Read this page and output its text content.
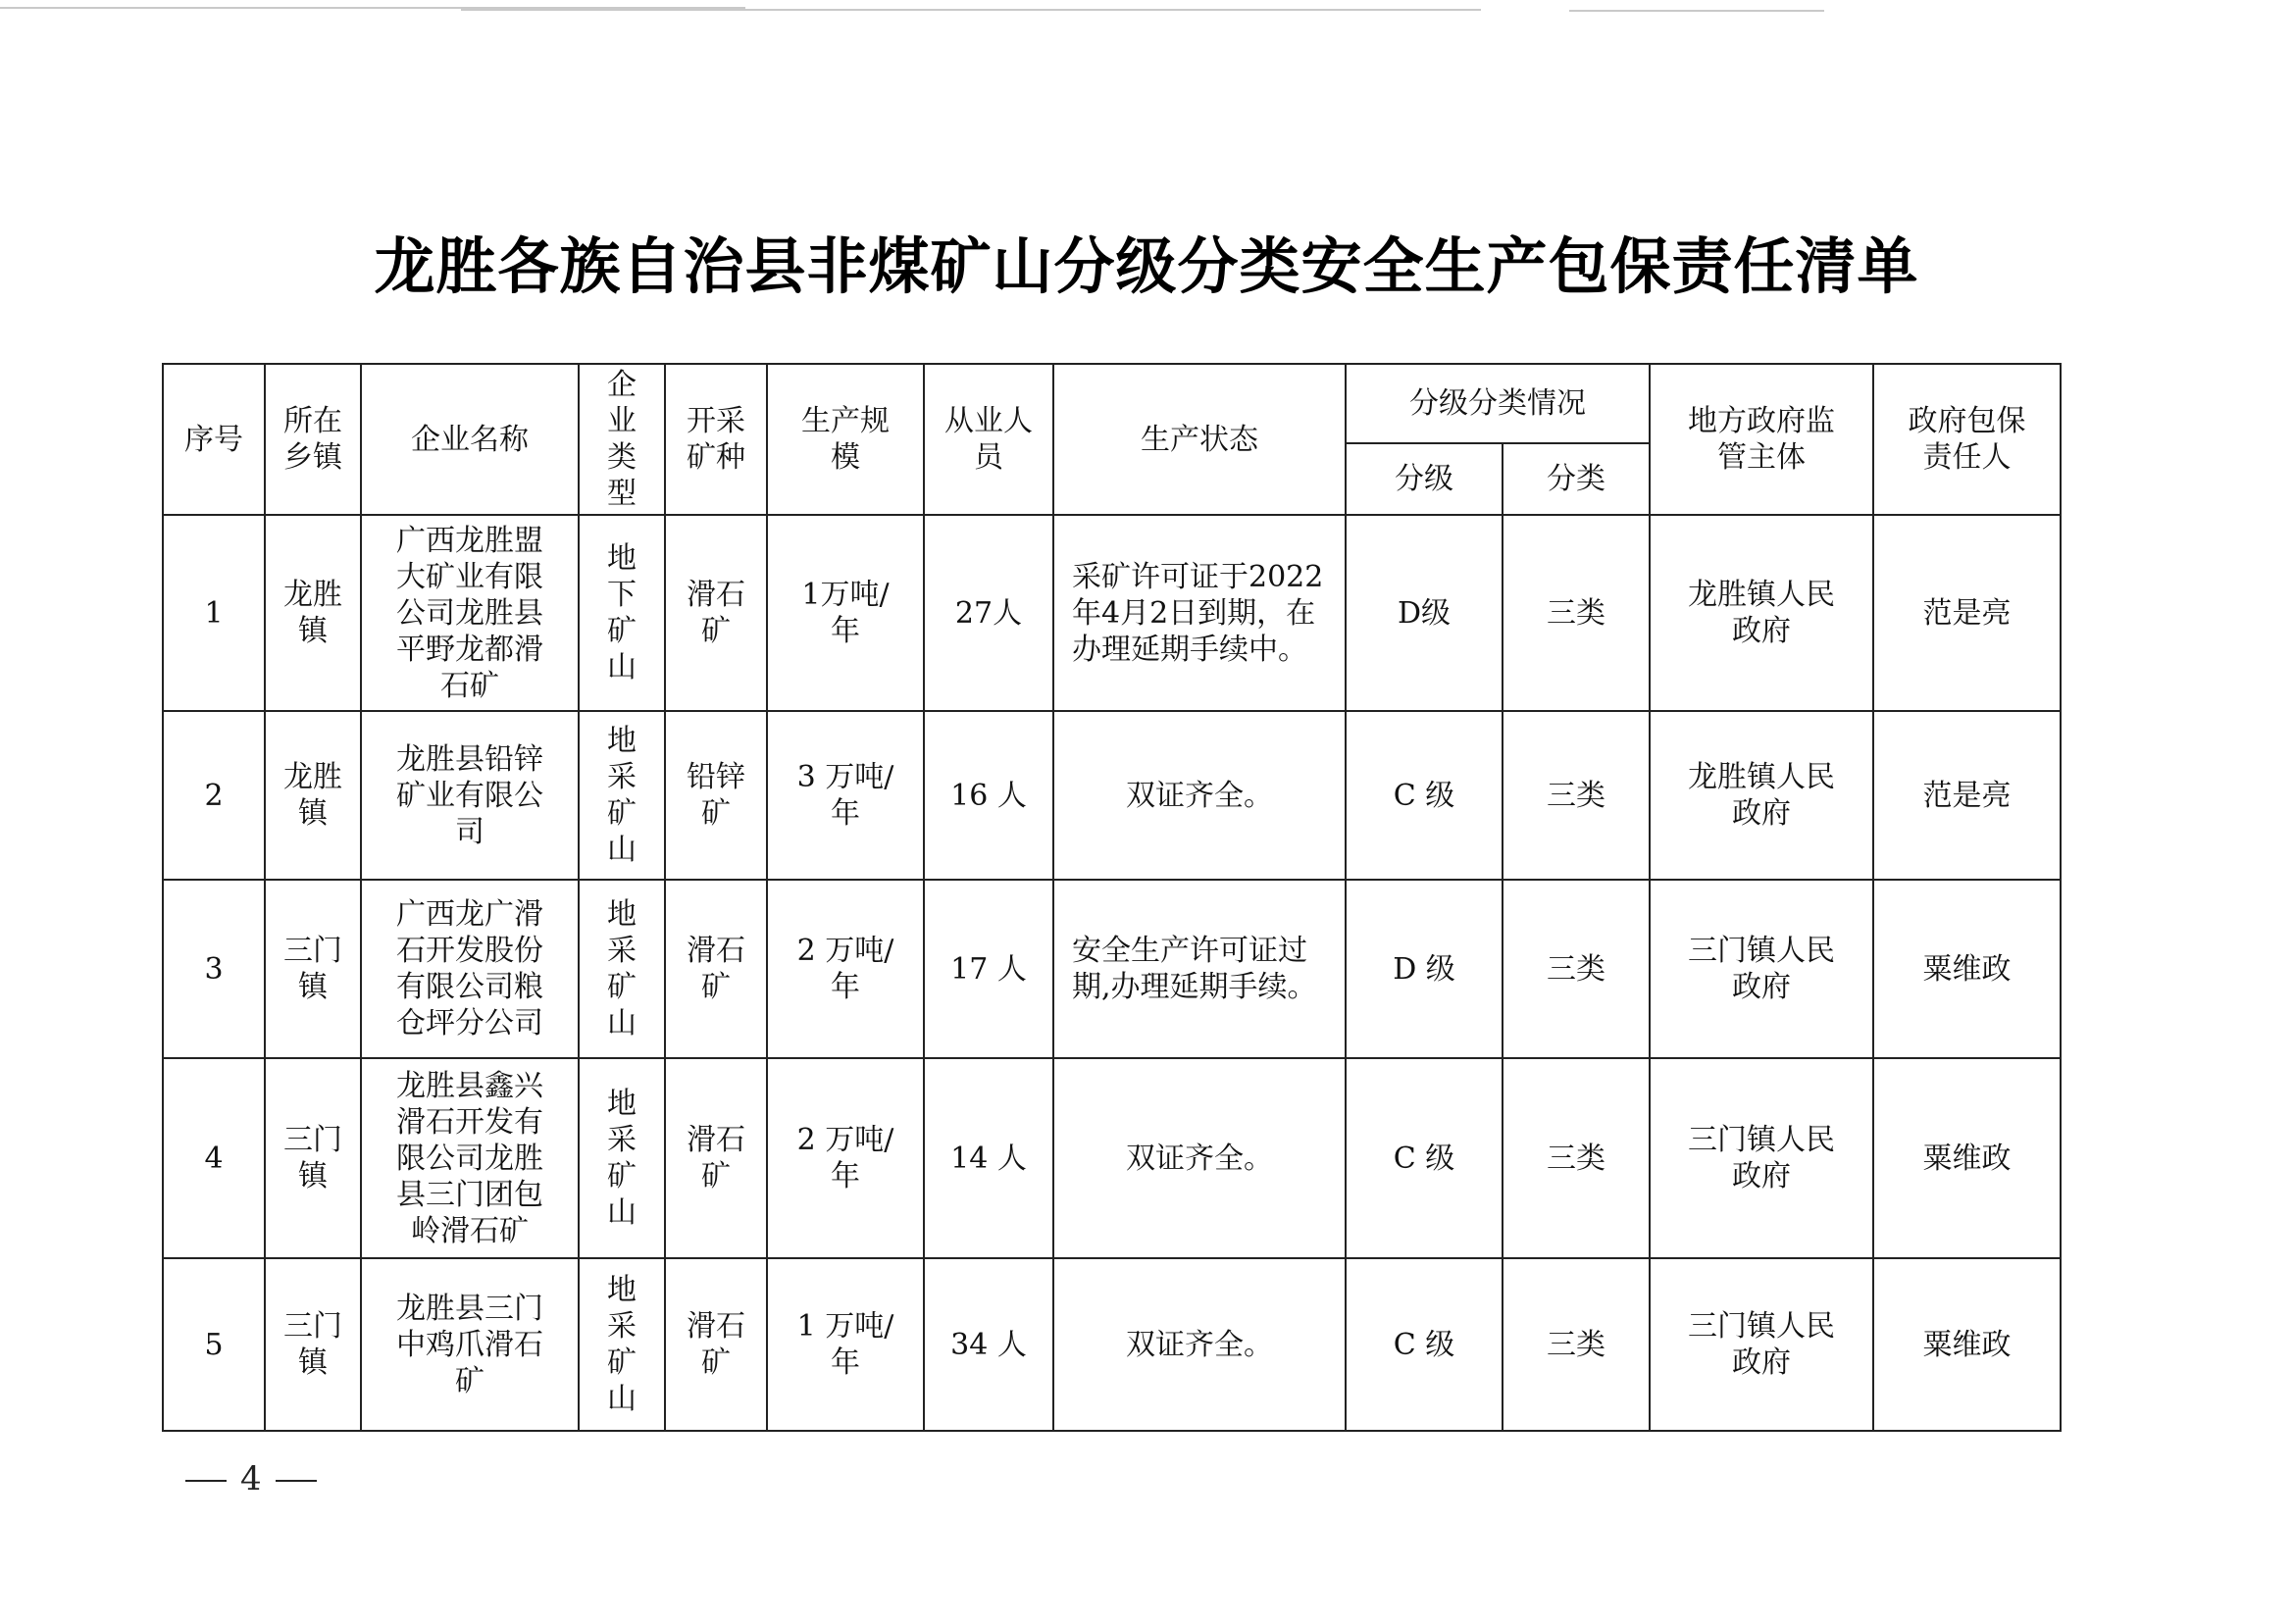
龙胜各族自治县非煤矿山分级分类安全生产包保责任清单
序号	所在乡镇	企业名称	企业类型	开采矿种	生产规模	从业人员	生产状态	分级分类情况		地方政府监管主体	政府包保责任人
								分级	分类		
1	龙胜镇	广西龙胜盟大矿业有限公司龙胜县平野龙都滑石矿	地下矿山	滑石矿	1万吨/年	27人	采矿许可证于2022年4月2日到期，在办理延期手续中。	D级	三类	龙胜镇人民政府	范是亮
2	龙胜镇	龙胜县铅锌矿业有限公司	地采矿山	铅锌矿	3 万吨/年	16 人	双证齐全。	C 级	三类	龙胜镇人民政府	范是亮
3	三门镇	广西龙广滑石开发股份有限公司粮仓坪分公司	地采矿山	滑石矿	2 万吨/年	17 人	安全生产许可证过期,办理延期手续。	D 级	三类	三门镇人民政府	粟维政
4	三门镇	龙胜县鑫兴滑石开发有限公司龙胜县三门团包岭滑石矿	地采矿山	滑石矿	2 万吨/年	14 人	双证齐全。	C 级	三类	三门镇人民政府	粟维政
5	三门镇	龙胜县三门中鸡爪滑石矿	地采矿山	滑石矿	1 万吨/年	34 人	双证齐全。	C 级	三类	三门镇人民政府	粟维政
4
